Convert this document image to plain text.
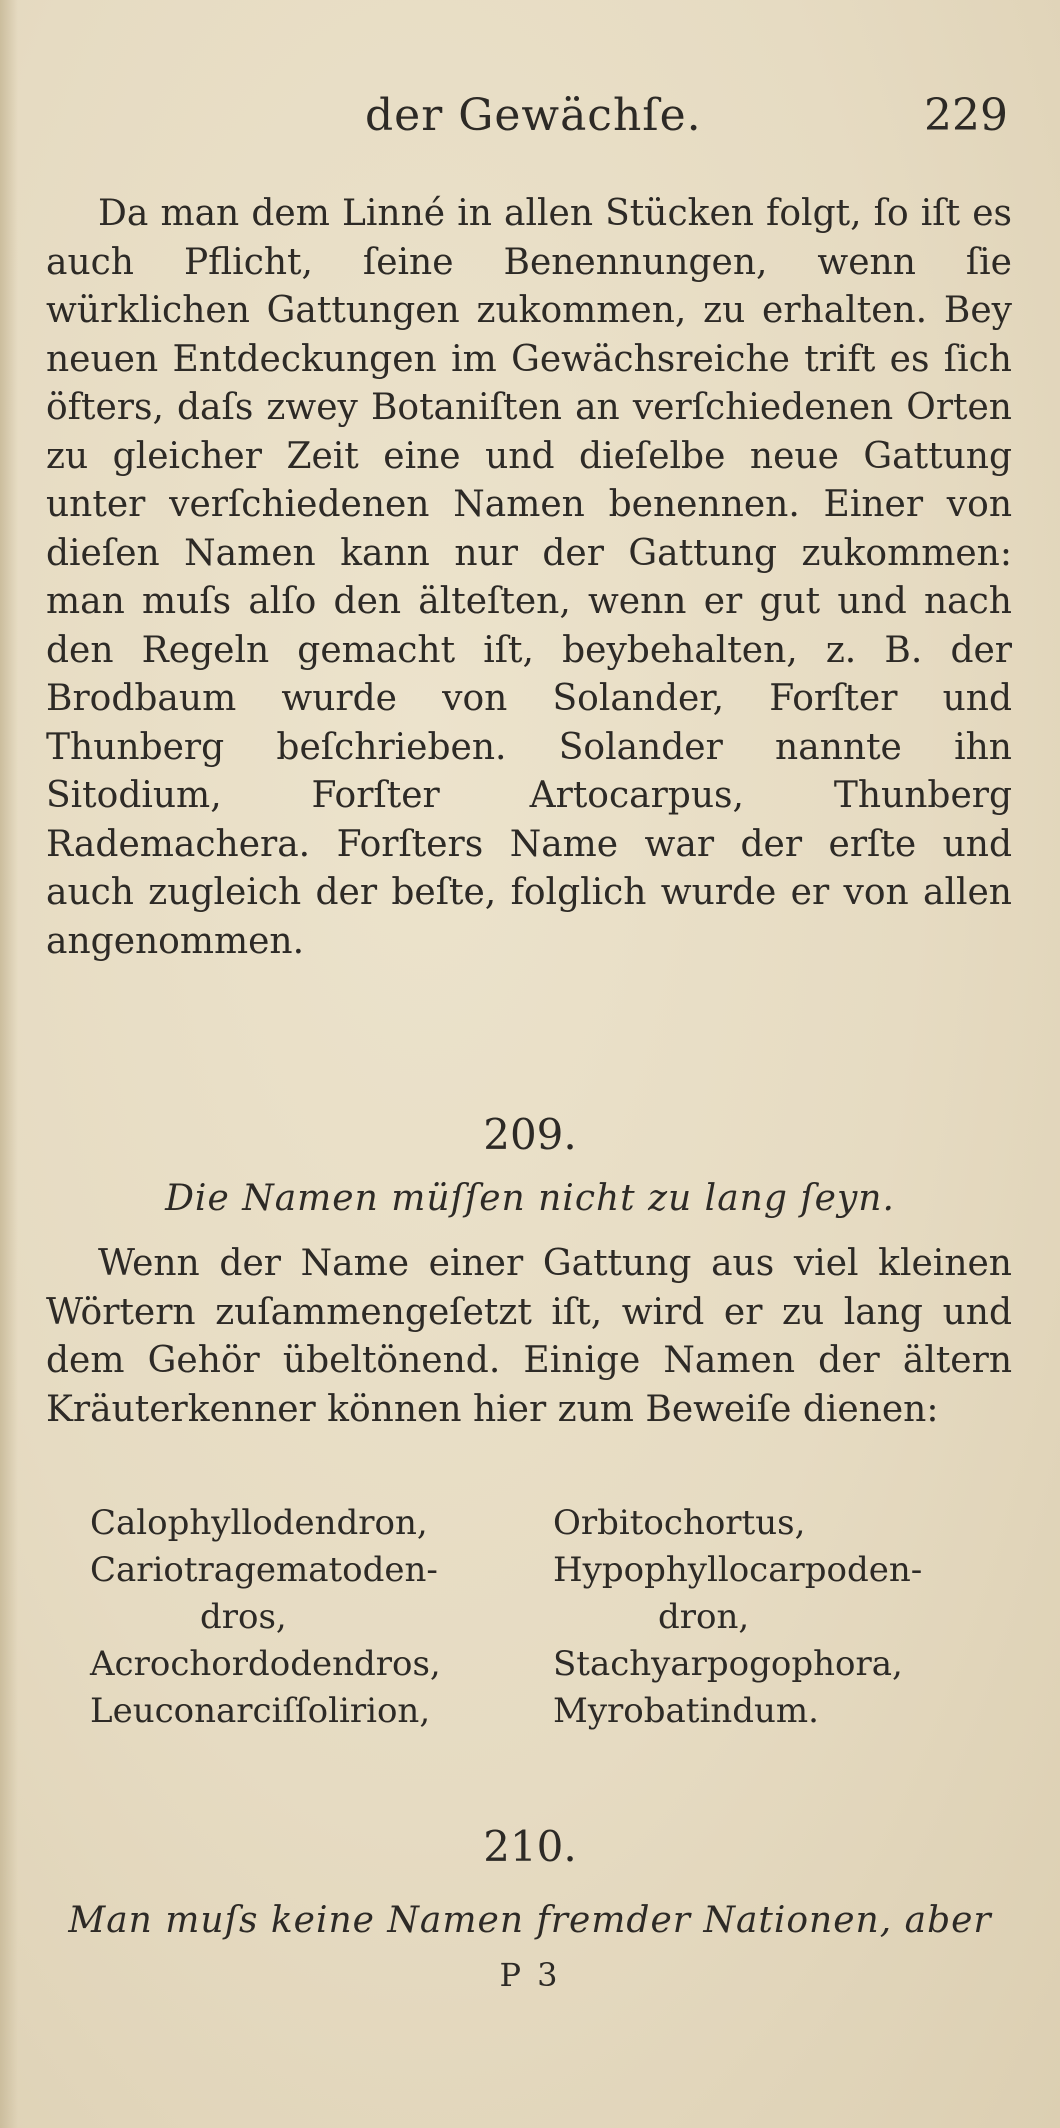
der Gewächſe.	229

Da man dem Linné in allen Stücken folgt, ſo iſt es auch Pflicht, ſeine Benennungen, wenn ſie würklichen Gattungen zukommen, zu erhalten. Bey neuen Entdeckungen im Gewächsreiche trift es ſich öfters, daſs zwey Botaniſten an verſchiedenen Orten zu gleicher Zeit eine und dieſelbe neue Gattung unter verſchiedenen Namen benennen. Einer von dieſen Namen kann nur der Gattung zukommen: man muſs alſo den älteſten, wenn er gut und nach den Regeln gemacht iſt, beybehalten, z. B. der Brodbaum wurde von Solander, Forſter und Thunberg beſchrieben. Solander nannte ihn Sitodium, Forſter Artocarpus, Thunberg Rademachera. Forſters Name war der erſte und auch zugleich der beſte, folglich wurde er von allen angenommen.

209.
Die Namen müſſen nicht zu lang ſeyn.

Wenn der Name einer Gattung aus viel kleinen Wörtern zuſammengeſetzt iſt, wird er zu lang und dem Gehör übeltönend. Einige Namen der ältern Kräuterkenner können hier zum Beweiſe dienen:

Calophyllodendron,
Cariotragematoden-
dros,
Acrochordodendros,
Leuconarciſſolirion,
Orbitochortus,
Hypophyllocarpoden-
dron,
Stachyarpogophora,
Myrobatindum.
210.
Man muſs keine Namen fremder Nationen, aber
P 3
